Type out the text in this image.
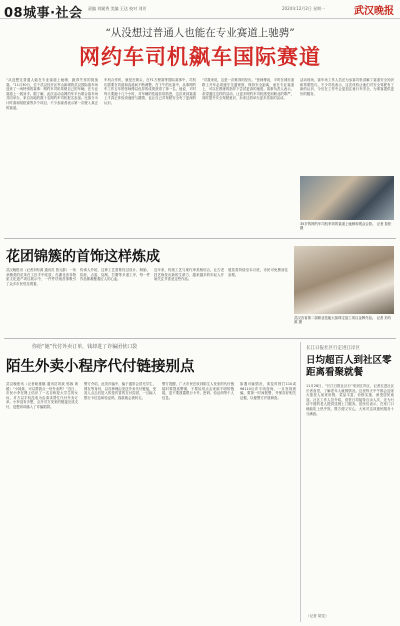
08城事·社会 责编 刘娓秀 美编 王达 校对 刘芳	2024年12月2日 星期一	武汉晚报
“从没想过普通人也能在专业赛道上驰骋”
网约车司机飙车国际赛道
“从没想过普通人能在专业赛道上驰骋，跑得失常的挑战赛。”11月30日，位于武汉经开区军山新城的武汉国际赛车场迎来了一场特别的赛事：网约车司机驾驶自己的车辆，在专业赛道上一展身手。据了解，此次活动由网约车平台联合赛车场共同举办，来自各地的数十名网约车司机报名参加。比赛分为计时赛和绕桩赛等多个项目，不少参赛者表示第一次驶入真正的赛道。
车机合作机，就是在街头，在F1方程赛等国际赛事中，司机们需要在弯道和直道间不断调整。在下午的比赛中，从事网约车工作五年的张师傅以优异的成绩获得了第一名。他说，平时每天要跑十几个小时，对车辆的性能非常熟悉，这次来到赛道上才真正体验到速度与激情，也让自己对驾驶安全有了更深的认识。
“对我来说，这是一次难得的经历。”张师傅说，平时在城市道路上开车必须遵守交通规则，保持安全距离，而在专业赛道上，可以在教练的指导下尝试更高的速度。赛事负责人表示，希望通过这样的活动，让更多网约车司机感受到职业的尊严，同时提升安全驾驶意识，未来还将举办更多类似的活动。
活动现场，赛车场工作人员还为参赛司机讲解了赛道安全知识和驾驶技巧。不少司机表示，这次体验让他们对安全驾驶有了新的认识，今后在工作中会更加注意行车安全，为乘客提供更好的服务。
35岁的网约车司机李刘的赛道上驰骋和观众合影。 记者 詹松 摄
花团锦簇的首饰这样炼成
武汉晚报讯（记者刘有源 通讯员 曾元群）一朵朵精美的花朵在工匠手中绽放，在湖北省非物质文化遗产项目展示中，一件件珐琅首饰吸引了众多市民驻足观看。
传承人介绍，这种工艺需要经过设计、制胎、掐丝、点蓝、烧制、打磨等多道工序，每一件作品都凝聚着匠人的心血。
近年来，传统工艺与现代审美相结合，让古老技艺焕发出新的生命力，越来越多的年轻人开始关注并喜爱这些作品。
展览将持续至本月底，市民可免费前往参观。
武汉各省第二届职业技能大赛珠宝加工项目金牌作品。 记者 刘有源 摄
你给“她”代付外卖订单，钱却进了诈骗团伙口袋
陌生外卖小程序代付链接别点
武汉晚报讯（记者耿惠娜 通讯员刘欢 郭蓉 黄媛）“小妹妹，可以帮我点一份外卖吗？”近日，市民小李在网上结识了一名自称是大学生的女孩，对方以手机没电为由请求帮忙代付外卖订单。小李没有多想，点开对方发来的链接完成支付，没想到却落入了诈骗陷阱。
警方介绍，此类诈骗中，骗子通常会冒充学生、网友等身份，以各种理由发送外卖代付链接，受害人点击后进入的是仿冒的支付页面，一旦输入银行卡信息和验证码，钱款就会被转走。
警方提醒，广大市民在收到陌生人发来的代付链接时要提高警惕，不要轻易点击来源不明的链接，更不要泄露银行卡号、密码、验证码等个人信息。
如遇可疑情况，请及时拨打110或96110反诈专线咨询，一旦发现被骗，要第一时间报警，并保存好相关证据，以便警方开展调查。
长江日报社区行走进江岸区
日均超百人到社区零距离看聚就餐
11月28日，“长江日报社区行”来到江岸区，记者走进社区长者食堂，了解老年人就餐情况。这里每天中午都会迎来大批老人前来用餐，菜品丰富、价格实惠，深受居民欢迎。社区工作人员介绍，食堂日均接待百余人次，还为行动不便的老人提供送餐上门服务。居民们表示，在家门口就能吃上热乎饭，既方便又安心，大家对这项惠民服务十分满意。
（记者 胡龙）
